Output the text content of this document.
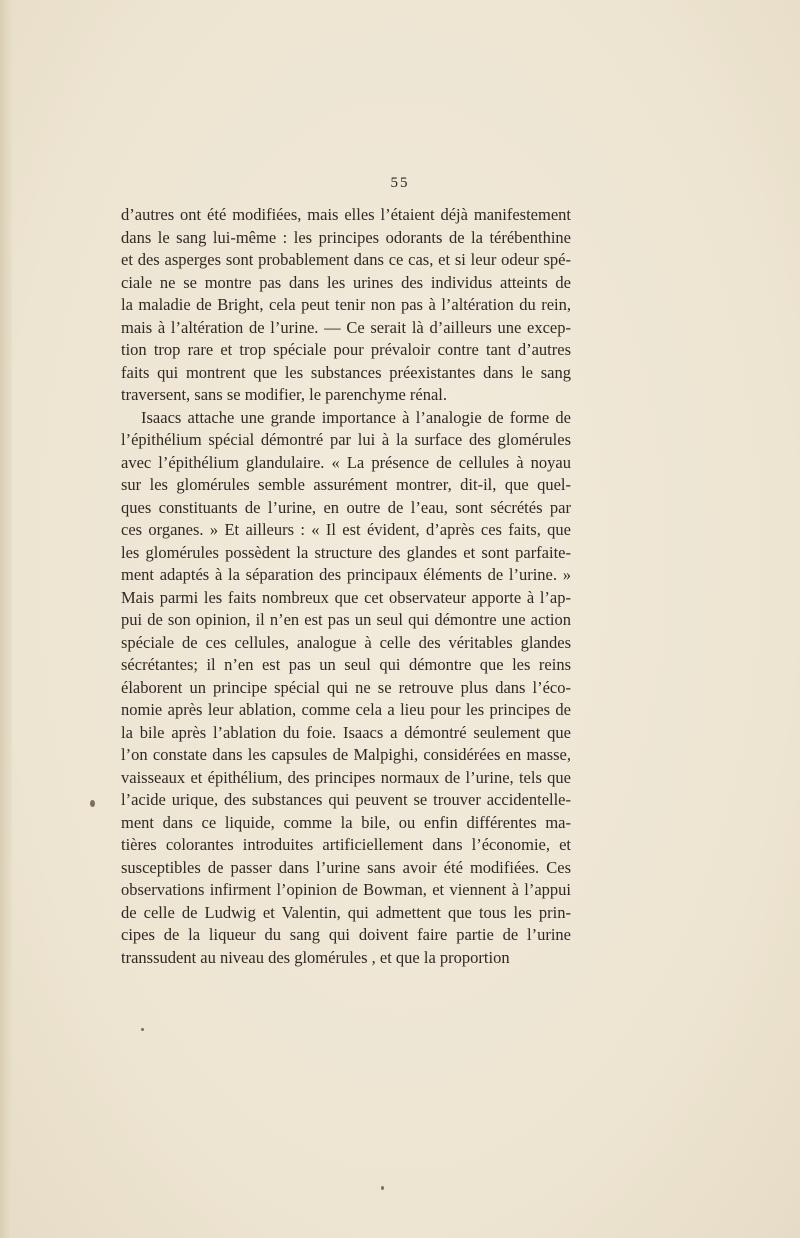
55
d’autres ont été modifiées, mais elles l’étaient déjà manifestement
dans le sang lui-même : les principes odorants de la térébenthine
et des asperges sont probablement dans ce cas, et si leur odeur spé-
ciale ne se montre pas dans les urines des individus atteints de
la maladie de Bright, cela peut tenir non pas à l’altération du rein,
mais à l’altération de l’urine. — Ce serait là d’ailleurs une excep-
tion trop rare et trop spéciale pour prévaloir contre tant d’autres
faits qui montrent que les substances préexistantes dans le sang
traversent, sans se modifier, le parenchyme rénal.
Isaacs attache une grande importance à l’analogie de forme de
l’épithélium spécial démontré par lui à la surface des glomérules
avec l’épithélium glandulaire. « La présence de cellules à noyau
sur les glomérules semble assurément montrer, dit-il, que quel-
ques constituants de l’urine, en outre de l’eau, sont sécrétés par
ces organes. » Et ailleurs : « Il est évident, d’après ces faits, que
les glomérules possèdent la structure des glandes et sont parfaite-
ment adaptés à la séparation des principaux éléments de l’urine. »
Mais parmi les faits nombreux que cet observateur apporte à l’ap-
pui de son opinion, il n’en est pas un seul qui démontre une action
spéciale de ces cellules, analogue à celle des véritables glandes
sécrétantes; il n’en est pas un seul qui démontre que les reins
élaborent un principe spécial qui ne se retrouve plus dans l’éco-
nomie après leur ablation, comme cela a lieu pour les principes de
la bile après l’ablation du foie. Isaacs a démontré seulement que
l’on constate dans les capsules de Malpighi, considérées en masse,
vaisseaux et épithélium, des principes normaux de l’urine, tels que
l’acide urique, des substances qui peuvent se trouver accidentelle-
ment dans ce liquide, comme la bile, ou enfin différentes ma-
tières colorantes introduites artificiellement dans l’économie, et
susceptibles de passer dans l’urine sans avoir été modifiées. Ces
observations infirment l’opinion de Bowman, et viennent à l’appui
de celle de Ludwig et Valentin, qui admettent que tous les prin-
cipes de la liqueur du sang qui doivent faire partie de l’urine
transsudent au niveau des glomérules , et que la proportion
